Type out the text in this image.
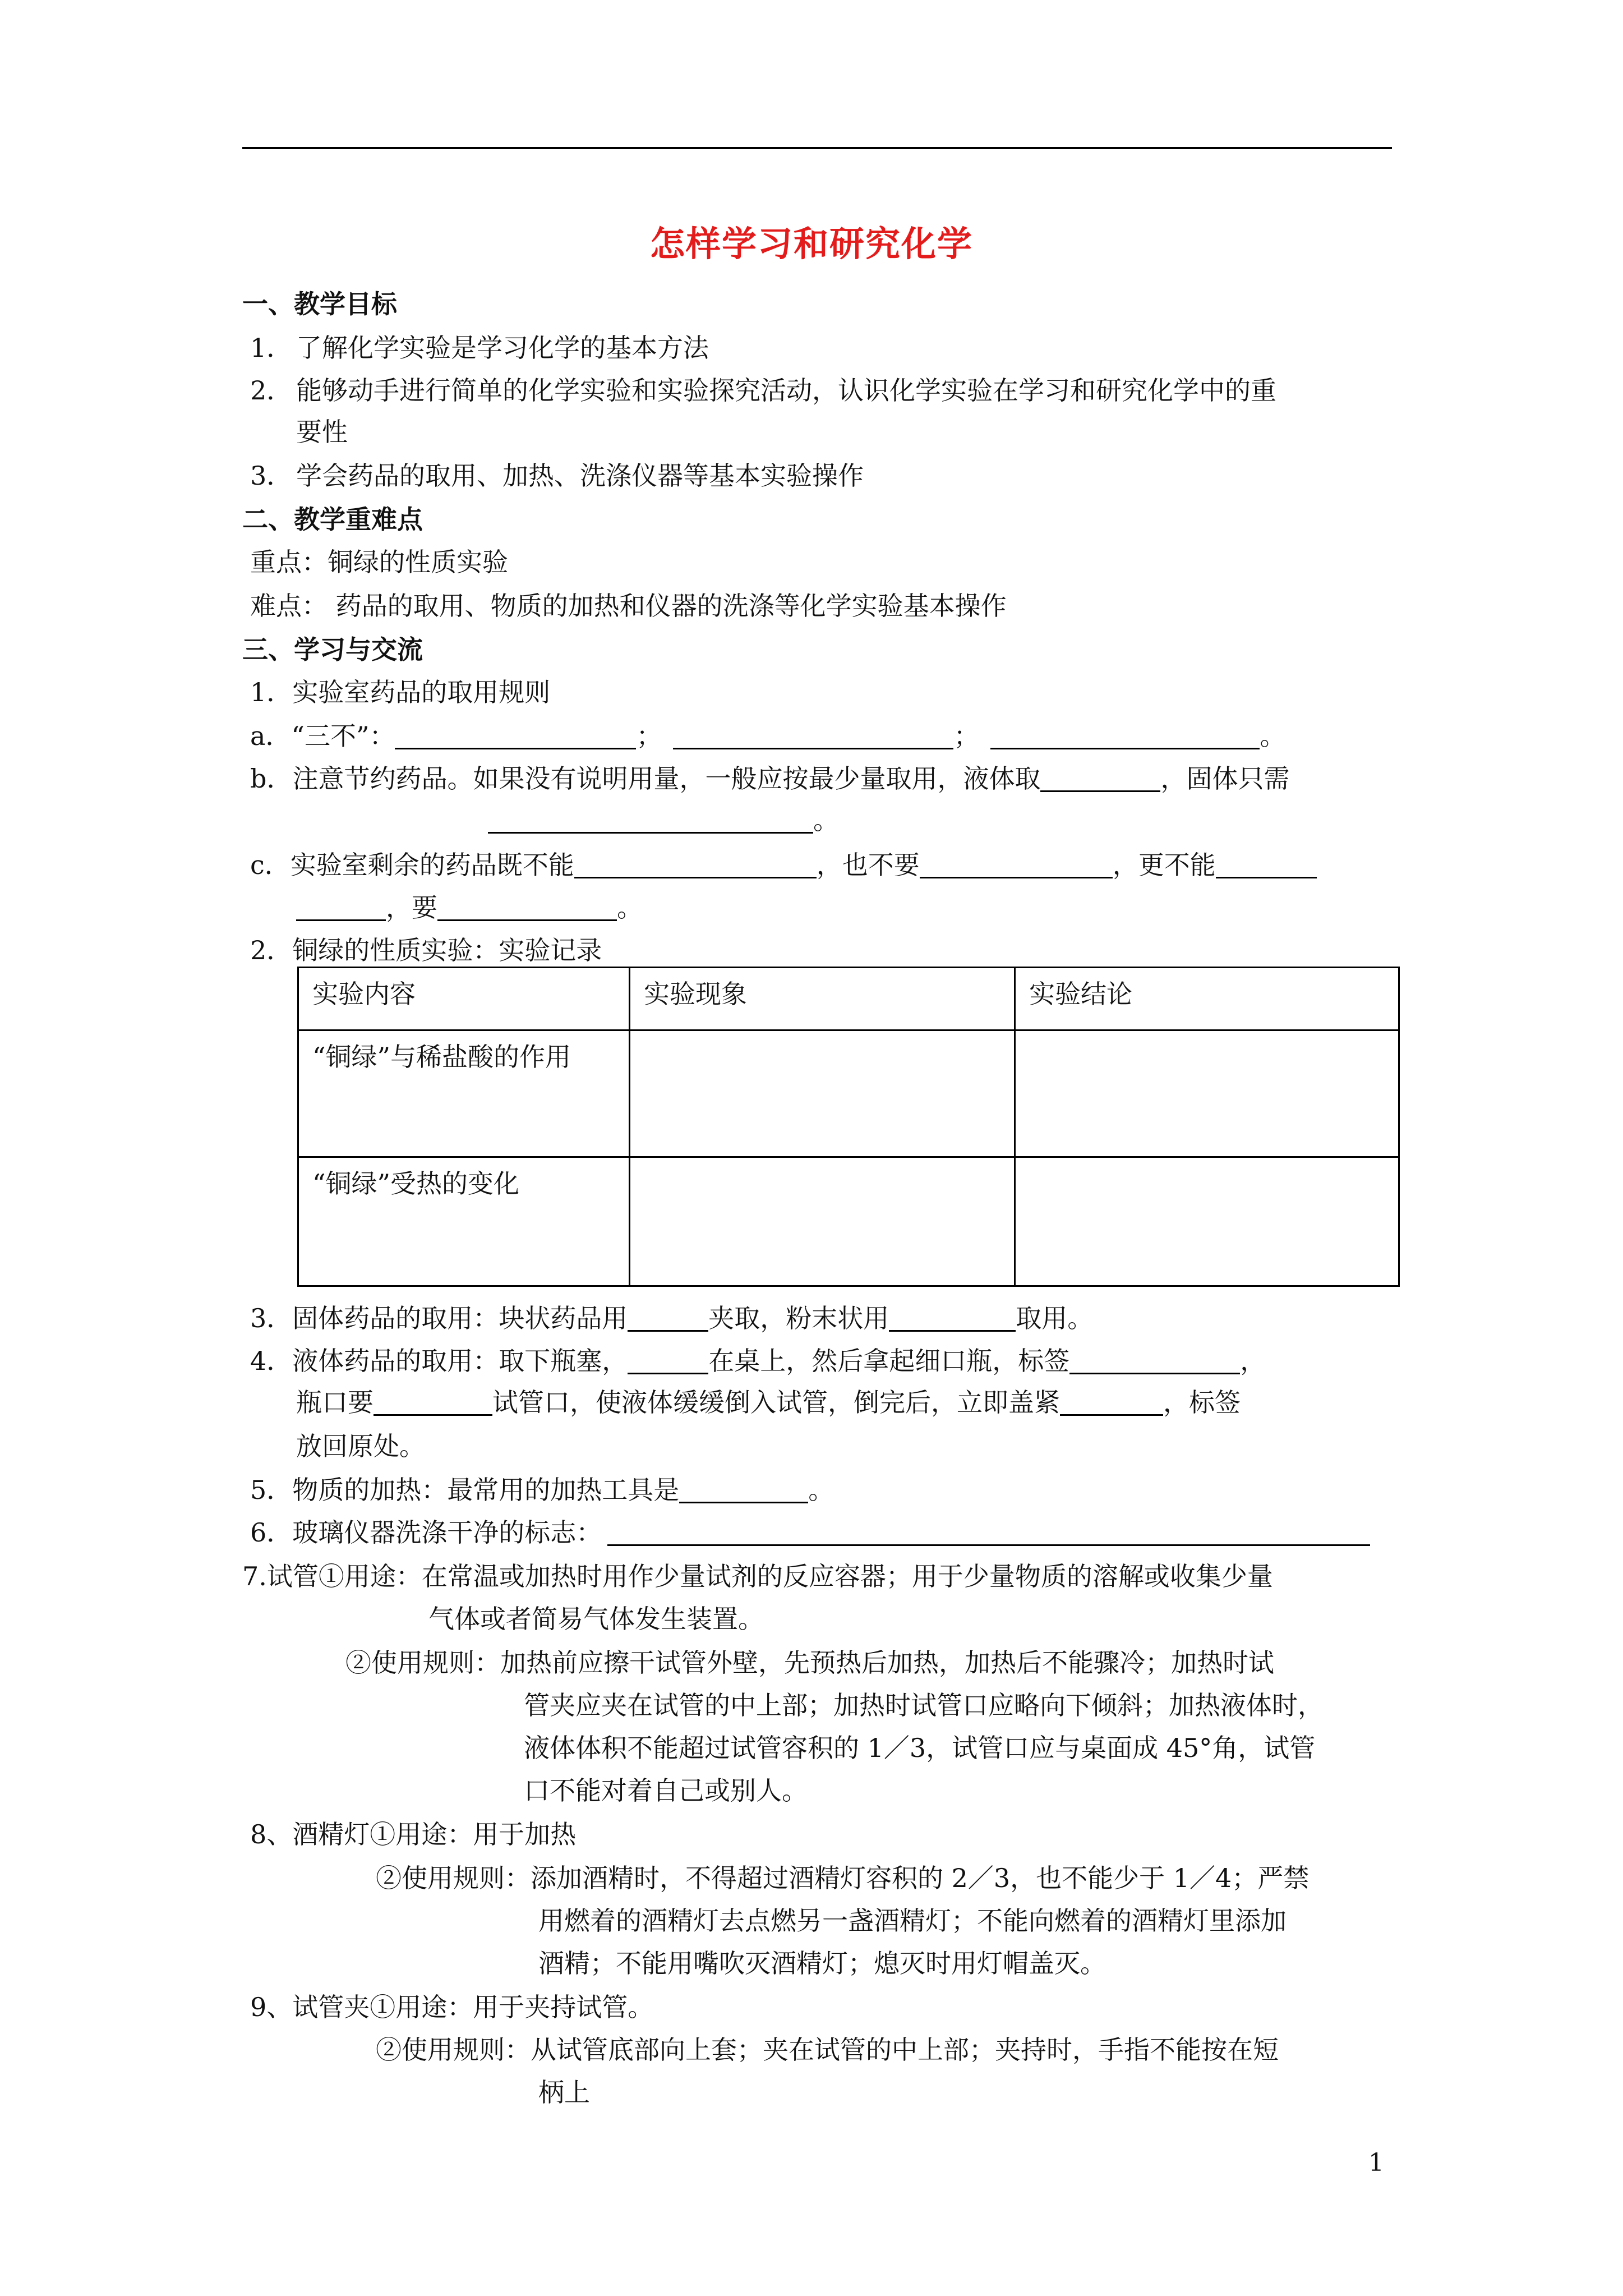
怎样学习和研究化学
一、教学目标
1． 了解化学实验是学习化学的基本方法
2． 能够动手进行简单的化学实验和实验探究活动，认识化学实验在学习和研究化学中的重
要性
3． 学会药品的取用、加热、洗涤仪器等基本实验操作
二、教学重难点
重点：铜绿的性质实验
难点： 药品的取用、物质的加热和仪器的洗涤等化学实验基本操作
三、学习与交流
1．实验室药品的取用规则
a．“三不”：	；	；	。
b．注意节约药品。如果没有说明用量，一般应按最少量取用，液体取	，固体只需
。
c．实验室剩余的药品既不能	，也不要	，更不能
，要	。
2．铜绿的性质实验：实验记录
实验内容	实验现象	实验结论
“铜绿”与稀盐酸的作用		
“铜绿”受热的变化		
3．固体药品的取用：块状药品用	夹取，粉末状用	取用。
4．液体药品的取用：取下瓶塞，	在桌上，然后拿起细口瓶，标签	，
瓶口要	试管口，使液体缓缓倒入试管，倒完后，立即盖紧	，标签
放回原处。
5．物质的加热：最常用的加热工具是	。
6．玻璃仪器洗涤干净的标志：
7.试管①用途：在常温或加热时用作少量试剂的反应容器；用于少量物质的溶解或收集少量
气体或者简易气体发生装置。
②使用规则：加热前应擦干试管外壁，先预热后加热，加热后不能骤冷；加热时试
管夹应夹在试管的中上部；加热时试管口应略向下倾斜；加热液体时，
液体体积不能超过试管容积的 1／3，试管口应与桌面成 45°角，试管
口不能对着自己或别人。
8、酒精灯①用途：用于加热
②使用规则：添加酒精时，不得超过酒精灯容积的 2／3，也不能少于 1／4；严禁
用燃着的酒精灯去点燃另一盏酒精灯；不能向燃着的酒精灯里添加
酒精；不能用嘴吹灭酒精灯；熄灭时用灯帽盖灭。
9、试管夹①用途：用于夹持试管。
②使用规则：从试管底部向上套；夹在试管的中上部；夹持时，手指不能按在短
柄上
1
